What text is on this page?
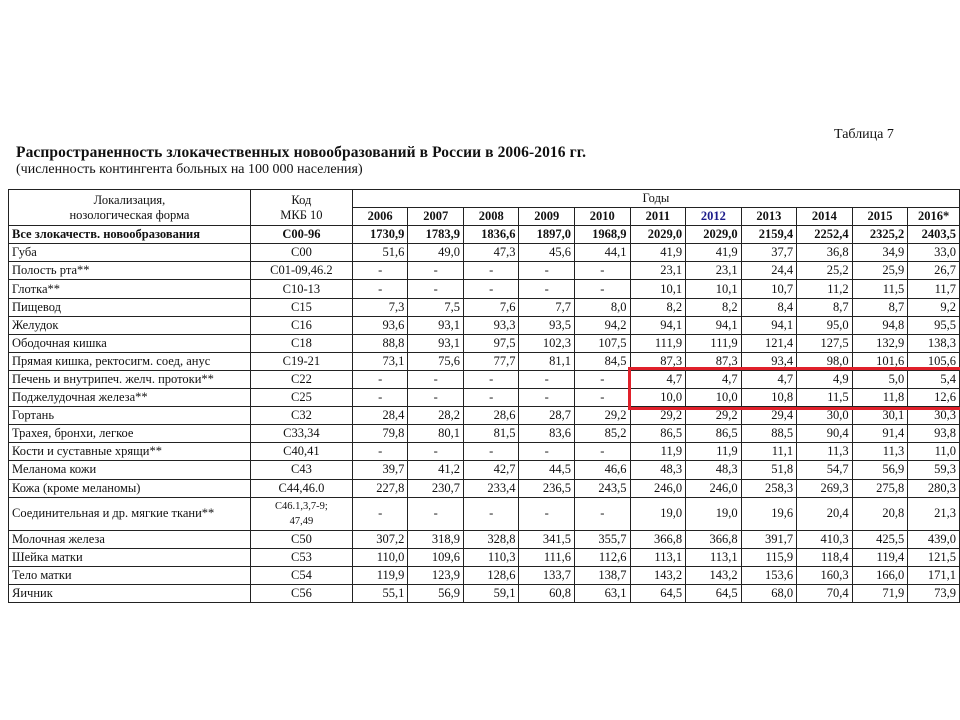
Таблица 7
Распространенность злокачественных новообразований в России в 2006-2016 гг.
(численность контингента больных на 100 000 населения)
Локализация,
нозологическая форма	Код
МКБ 10	Годы										
		2006	2007	2008	2009	2010	2011	2012	2013	2014	2015	2016*
Все злокачеств. новообразования	C00-96	1730,9	1783,9	1836,6	1897,0	1968,9	2029,0	2029,0	2159,4	2252,4	2325,2	2403,5
Губа	C00	51,6	49,0	47,3	45,6	44,1	41,9	41,9	37,7	36,8	34,9	33,0
Полость рта**	C01-09,46.2	-	-	-	-	-	23,1	23,1	24,4	25,2	25,9	26,7
Глотка**	C10-13	-	-	-	-	-	10,1	10,1	10,7	11,2	11,5	11,7
Пищевод	C15	7,3	7,5	7,6	7,7	8,0	8,2	8,2	8,4	8,7	8,7	9,2
Желудок	C16	93,6	93,1	93,3	93,5	94,2	94,1	94,1	94,1	95,0	94,8	95,5
Ободочная кишка	C18	88,8	93,1	97,5	102,3	107,5	111,9	111,9	121,4	127,5	132,9	138,3
Прямая кишка, ректосигм. соед, анус	C19-21	73,1	75,6	77,7	81,1	84,5	87,3	87,3	93,4	98,0	101,6	105,6
Печень и внутрипеч. желч. протоки**	C22	-	-	-	-	-	4,7	4,7	4,7	4,9	5,0	5,4
Поджелудочная железа**	C25	-	-	-	-	-	10,0	10,0	10,8	11,5	11,8	12,6
Гортань	C32	28,4	28,2	28,6	28,7	29,2	29,2	29,2	29,4	30,0	30,1	30,3
Трахея, бронхи, легкое	C33,34	79,8	80,1	81,5	83,6	85,2	86,5	86,5	88,5	90,4	91,4	93,8
Кости и суставные хрящи**	C40,41	-	-	-	-	-	11,9	11,9	11,1	11,3	11,3	11,0
Меланома кожи	C43	39,7	41,2	42,7	44,5	46,6	48,3	48,3	51,8	54,7	56,9	59,3
Кожа (кроме меланомы)	C44,46.0	227,8	230,7	233,4	236,5	243,5	246,0	246,0	258,3	269,3	275,8	280,3
Соединительная и др. мягкие ткани**	C46.1,3,7-9;
47,49	-	-	-	-	-	19,0	19,0	19,6	20,4	20,8	21,3
Молочная железа	C50	307,2	318,9	328,8	341,5	355,7	366,8	366,8	391,7	410,3	425,5	439,0
Шейка матки	C53	110,0	109,6	110,3	111,6	112,6	113,1	113,1	115,9	118,4	119,4	121,5
Тело матки	C54	119,9	123,9	128,6	133,7	138,7	143,2	143,2	153,6	160,3	166,0	171,1
Яичник	C56	55,1	56,9	59,1	60,8	63,1	64,5	64,5	68,0	70,4	71,9	73,9
